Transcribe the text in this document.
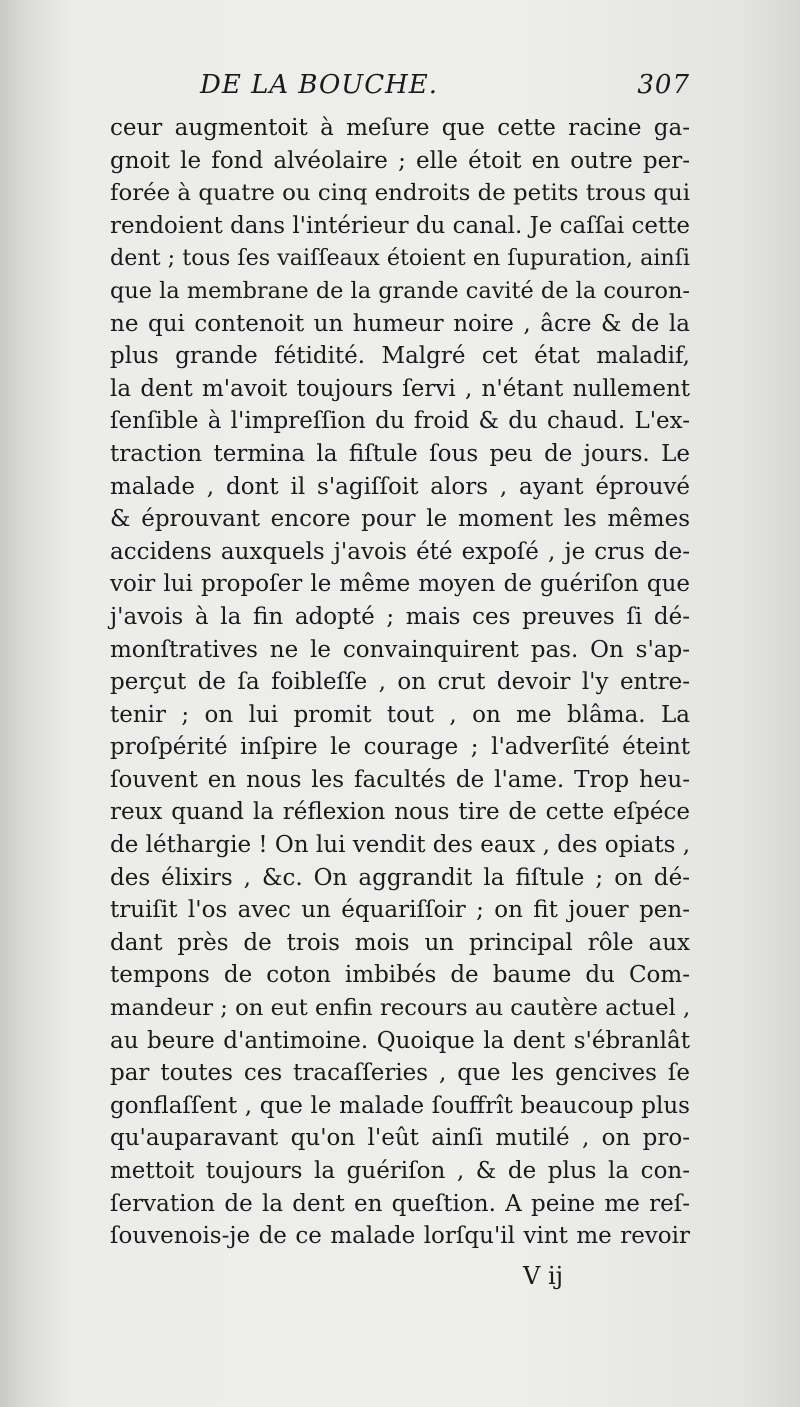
DE LA BOUCHE.	307
ceur augmentoit à meſure que cette racine ga-
gnoit le fond alvéolaire ; elle étoit en outre per-
forée à quatre ou cinq endroits de petits trous qui
rendoient dans l'intérieur du canal. Je caſſai cette
dent ; tous ſes vaiſſeaux étoient en ſupuration, ainſi
que la membrane de la grande cavité de la couron-
ne qui contenoit un humeur noire , âcre & de la
plus grande fétidité. Malgré cet état maladif,
la dent m'avoit toujours ſervi , n'étant nullement
ſenſible à l'impreſſion du froid & du chaud. L'ex-
traction termina la fiſtule ſous peu de jours. Le
malade , dont il s'agiſſoit alors , ayant éprouvé
& éprouvant encore pour le moment les mêmes
accidens auxquels j'avois été expoſé , je crus de-
voir lui propoſer le même moyen de guériſon que
j'avois à la fin adopté ; mais ces preuves ſi dé-
monſtratives ne le convainquirent pas. On s'ap-
perçut de ſa foibleſſe , on crut devoir l'y entre-
tenir ; on lui promit tout , on me blâma. La
proſpérité inſpire le courage ; l'adverſité éteint
ſouvent en nous les facultés de l'ame. Trop heu-
reux quand la réflexion nous tire de cette eſpéce
de léthargie ! On lui vendit des eaux , des opiats ,
des élixirs , &c. On aggrandit la fiſtule ; on dé-
truiſit l'os avec un équariſſoir ; on fit jouer pen-
dant près de trois mois un principal rôle aux
tempons de coton imbibés de baume du Com-
mandeur ; on eut enfin recours au cautère actuel ,
au beure d'antimoine. Quoique la dent s'ébranlât
par toutes ces tracaſſeries , que les gencives ſe
gonflaſſent , que le malade ſouffrît beaucoup plus
qu'auparavant qu'on l'eût ainſi mutilé , on pro-
mettoit toujours la guériſon , & de plus la con-
ſervation de la dent en queſtion. A peine me reſ-
ſouvenois-je de ce malade lorſqu'il vint me revoir
V ij
